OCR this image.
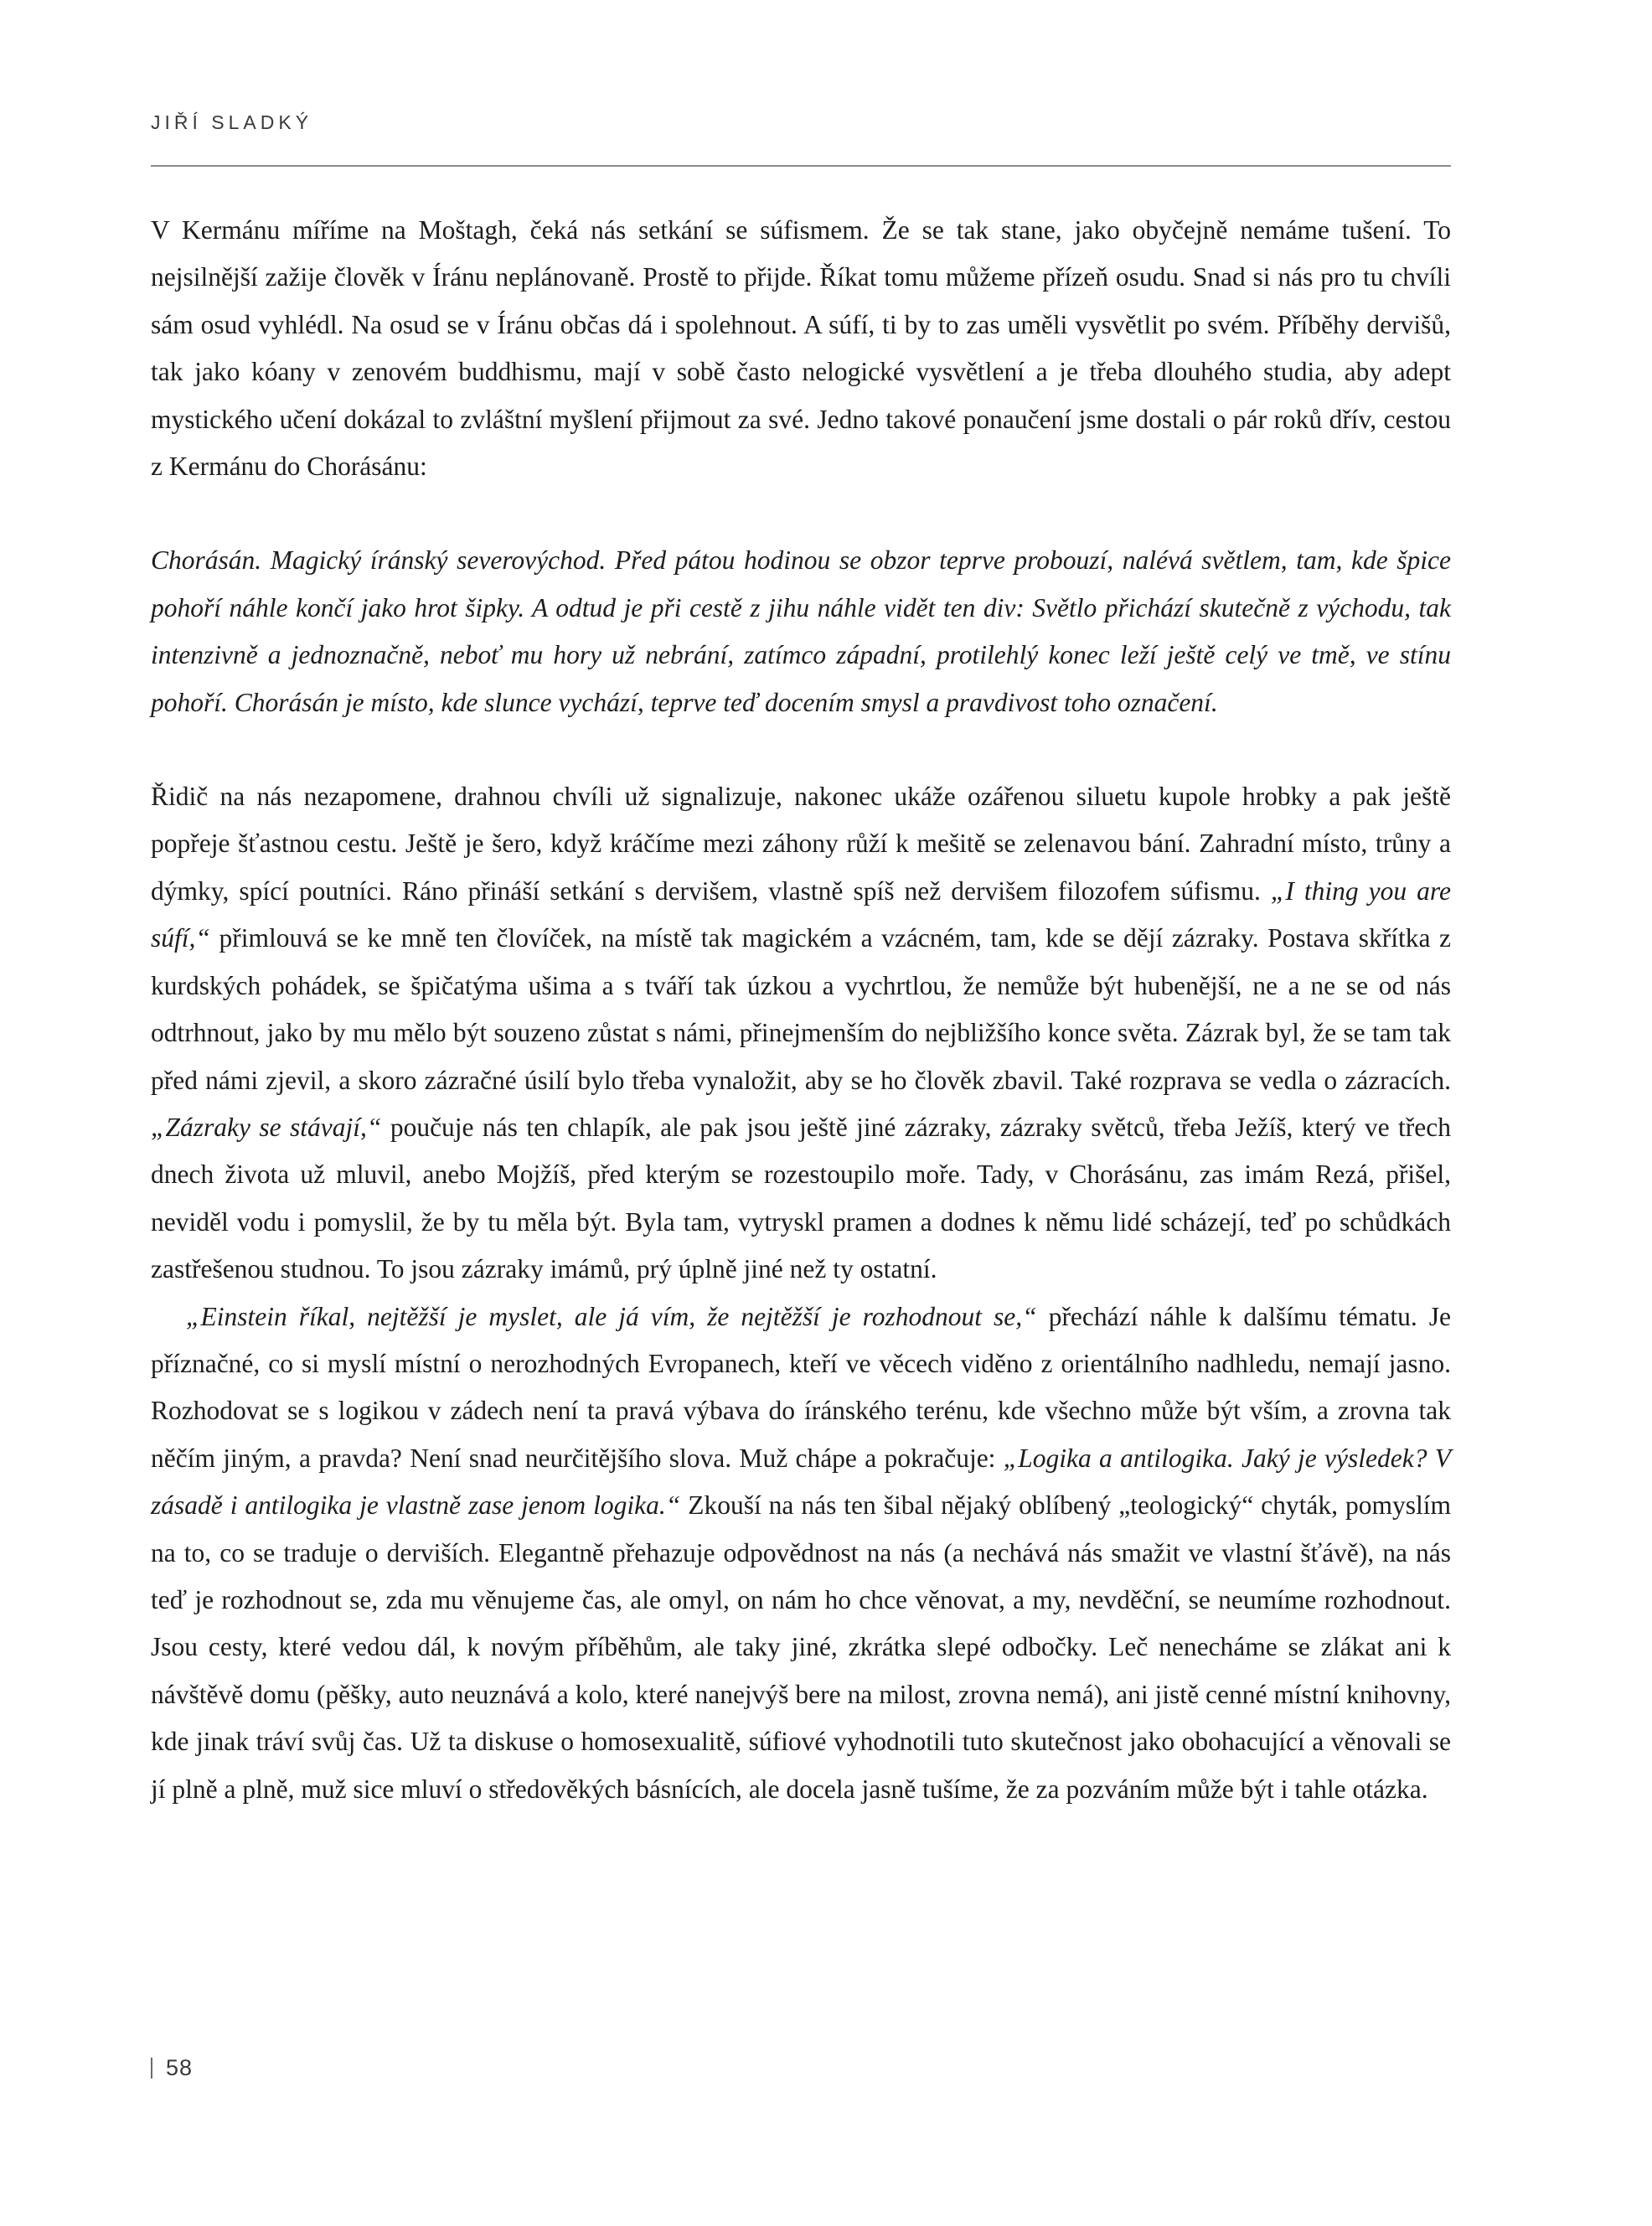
JIŘÍ SLADKÝ

V Kermánu míříme na Moštagh, čeká nás setkání se súfismem. Že se tak stane, jako obyčejně nemáme tušení. To nejsilnější zažije člověk v Íránu neplánovaně. Prostě to přijde. Říkat tomu můžeme přízeň osudu. Snad si nás pro tu chvíli sám osud vyhlédl. Na osud se v Íránu občas dá i spolehnout. A súfí, ti by to zas uměli vysvětlit po svém. Příběhy dervišů, tak jako kóany v zenovém buddhismu, mají v sobě často nelogické vysvětlení a je třeba dlouhého studia, aby adept mystického učení dokázal to zvláštní myšlení přijmout za své. Jedno takové ponaučení jsme dostali o pár roků dřív, cestou z Kermánu do Chorásánu:

Chorásán. Magický íránský severovýchod. Před pátou hodinou se obzor teprve probouzí, nalévá světlem, tam, kde špice pohoří náhle končí jako hrot šipky. A odtud je při cestě z jihu náhle vidět ten div: Světlo přichází skutečně z východu, tak intenzivně a jednoznačně, neboť mu hory už nebrání, zatímco západní, protilehlý konec leží ještě celý ve tmě, ve stínu pohoří. Chorásán je místo, kde slunce vychází, teprve teď docením smysl a pravdivost toho označení.

Řidič na nás nezapomene, drahnou chvíli už signalizuje, nakonec ukáže ozářenou siluetu kupole hrobky a pak ještě popřeje šťastnou cestu. Ještě je šero, když kráčíme mezi záhony růží k mešitě se zelenavou bání. Zahradní místo, trůny a dýmky, spící poutníci. Ráno přináší setkání s dervišem, vlastně spíš než dervišem filozofem súfismu. „I thing you are súfí,“ přimlouvá se ke mně ten človíček, na místě tak magickém a vzácném, tam, kde se dějí zázraky. Postava skřítka z kurdských pohádek, se špičatýma ušima a s tváří tak úzkou a vychrtlou, že nemůže být hubenější, ne a ne se od nás odtrhnout, jako by mu mělo být souzeno zůstat s námi, přinejmenším do nejbližšího konce světa. Zázrak byl, že se tam tak před námi zjevil, a skoro zázračné úsilí bylo třeba vynaložit, aby se ho člověk zbavil. Také rozprava se vedla o zázracích. „Zázraky se stávají,“ poučuje nás ten chlapík, ale pak jsou ještě jiné zázraky, zázraky světců, třeba Ježíš, který ve třech dnech života už mluvil, anebo Mojžíš, před kterým se rozestoupilo moře. Tady, v Chorásánu, zas imám Rezá, přišel, neviděl vodu i pomyslil, že by tu měla být. Byla tam, vytryskl pramen a dodnes k němu lidé scházejí, teď po schůdkách zastřešenou studnou. To jsou zázraky imámů, prý úplně jiné než ty ostatní.

„Einstein říkal, nejtěžší je myslet, ale já vím, že nejtěžší je rozhodnout se,“ přechází náhle k dalšímu tématu. Je příznačné, co si myslí místní o nerozhodných Evropanech, kteří ve věcech viděno z orientálního nadhledu, nemají jasno. Rozhodovat se s logikou v zádech není ta pravá výbava do íránského terénu, kde všechno může být vším, a zrovna tak něčím jiným, a pravda? Není snad neurčitějšího slova. Muž chápe a pokračuje: „Logika a antilogika. Jaký je výsledek? V zásadě i antilogika je vlastně zase jenom logika.“ Zkouší na nás ten šibal nějaký oblíbený „teologický“ chyták, pomyslím na to, co se traduje o derviších. Elegantně přehazuje odpovědnost na nás (a nechává nás smažit ve vlastní šťávě), na nás teď je rozhodnout se, zda mu věnujeme čas, ale omyl, on nám ho chce věnovat, a my, nevděční, se neumíme rozhodnout. Jsou cesty, které vedou dál, k novým příběhům, ale taky jiné, zkrátka slepé odbočky. Leč nenecháme se zlákat ani k návštěvě domu (pěšky, auto neuznává a kolo, které nanejvýš bere na milost, zrovna nemá), ani jistě cenné místní knihovny, kde jinak tráví svůj čas. Už ta diskuse o homosexualitě, súfiové vyhodnotili tuto skutečnost jako obohacující a věnovali se jí plně a plně, muž sice mluví o středověkých básnících, ale docela jasně tušíme, že za pozváním může být i tahle otázka.

58
